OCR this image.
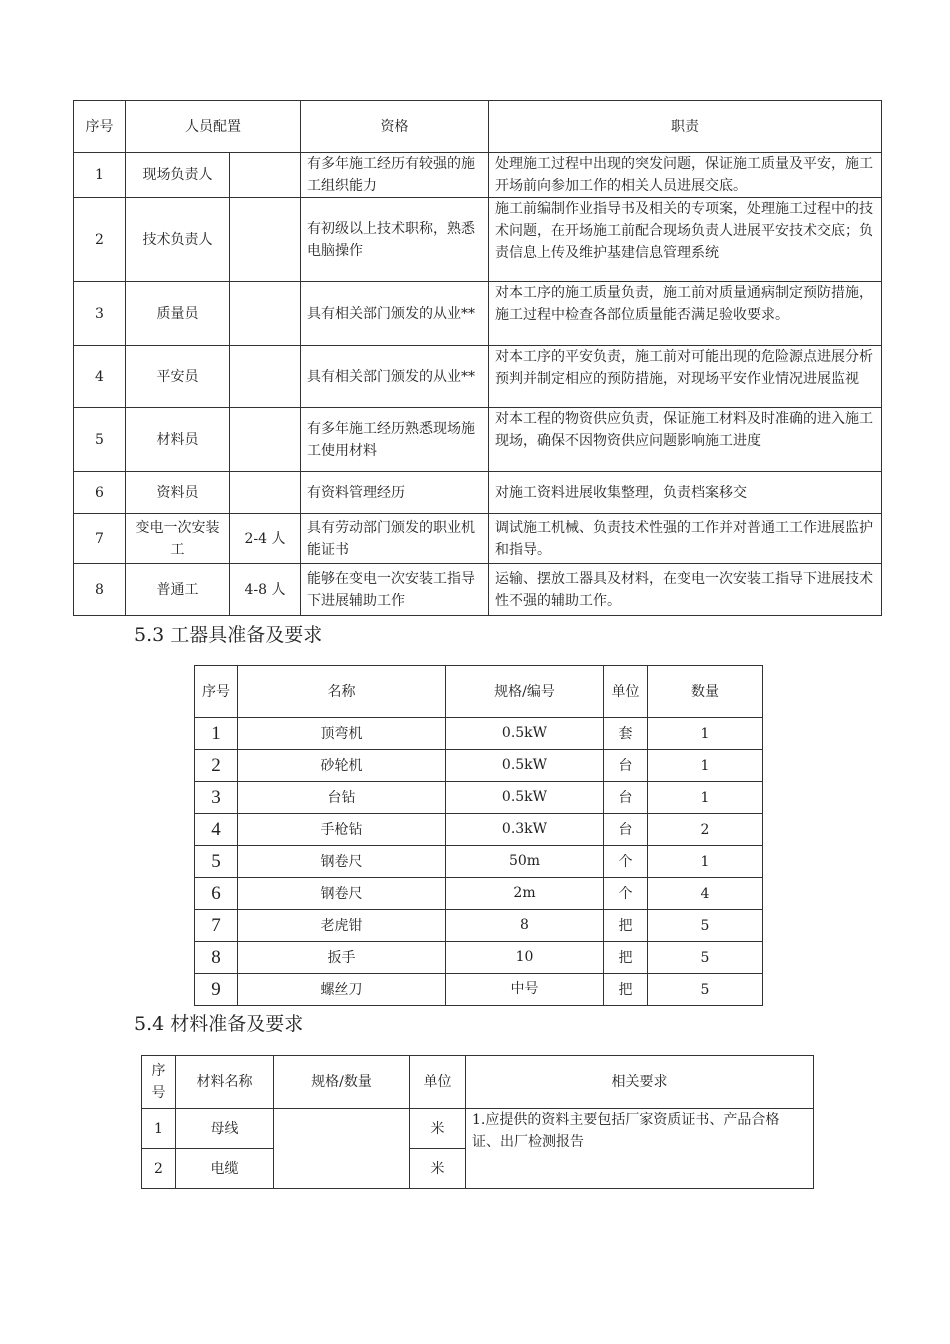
序号	人员配置		资格	职责
1	现场负责人		有多年施工经历有较强的施工组织能力	处理施工过程中出现的突发问题，保证施工质量及平安，施工开场前向参加工作的相关人员进展交底。
2	技术负责人		有初级以上技术职称，熟悉电脑操作	施工前编制作业指导书及相关的专项案，处理施工过程中的技术问题，在开场施工前配合现场负责人进展平安技术交底；负责信息上传及维护基建信息管理系统
3	质量员		具有相关部门颁发的从业**	对本工序的施工质量负责，施工前对质量通病制定预防措施，施工过程中检查各部位质量能否满足验收要求。
4	平安员		具有相关部门颁发的从业**	对本工序的平安负责，施工前对可能出现的危险源点进展分析预判并制定相应的预防措施，对现场平安作业情况进展监视
5	材料员		有多年施工经历熟悉现场施工使用材料	对本工程的物资供应负责，保证施工材料及时准确的进入施工现场，确保不因物资供应问题影响施工进度
6	资料员		有资料管理经历	对施工资料进展收集整理，负责档案移交
7	变电一次安装工	2-4 人	具有劳动部门颁发的职业机能证书	调试施工机械、负责技术性强的工作并对普通工工作进展监护和指导。
8	普通工	4-8 人	能够在变电一次安装工指导下进展辅助工作	运输、摆放工器具及材料，在变电一次安装工指导下进展技术性不强的辅助工作。
5.3 工器具准备及要求
序号	名称	规格/编号	单位	数量
1	顶弯机	0.5kW	套	1
2	砂轮机	0.5kW	台	1
3	台钻	0.5kW	台	1
4	手枪钻	0.3kW	台	2
5	钢卷尺	50m	个	1
6	钢卷尺	2m	个	4
7	老虎钳	8	把	5
8	扳手	10	把	5
9	螺丝刀	中号	把	5
5.4 材料准备及要求
序号	材料名称	规格/数量	单位	相关要求
1	母线		米	1.应提供的资料主要包括厂家资质证书、产品合格证、出厂检测报告
2	电缆		米	
